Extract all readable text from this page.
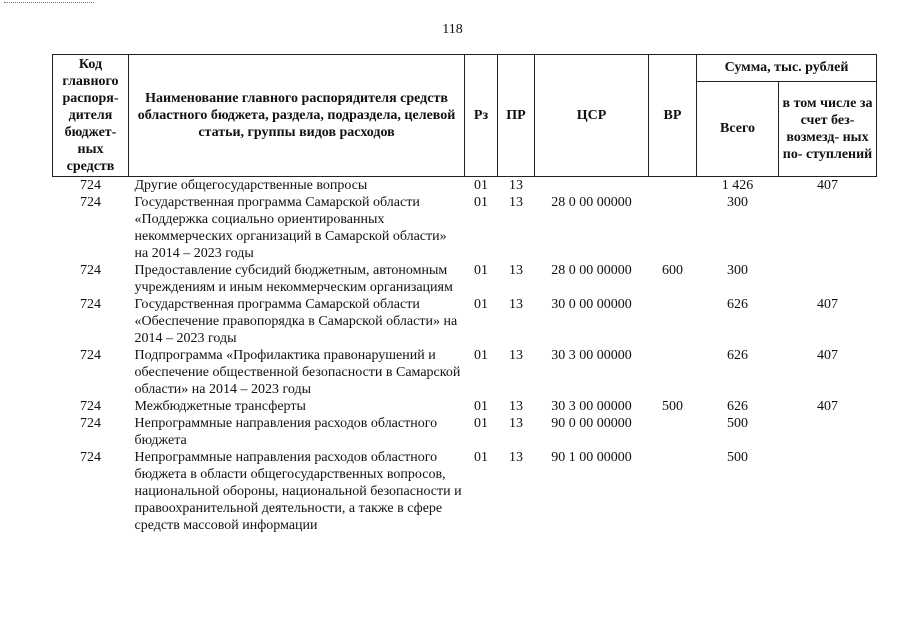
118
Код главного распоря- дителя бюджет- ных средств	Наименование главного распорядителя средств областного бюджета, раздела, подраздела, целевой статьи, группы видов расходов	Рз	ПР	ЦСР	ВР	Сумма, тыс. рублей	
						Всего	в том числе за счет без- возмезд- ных по- ступлений
724	Другие общегосударственные вопросы	01	13			1 426	407
724	Государственная программа Самарской области «Поддержка социально ориентированных некоммерческих организаций в Самарской области» на 2014 – 2023 годы	01	13	28 0 00 00000		300	
724	Предоставление субсидий бюджетным, автономным учреждениям и иным некоммерческим организациям	01	13	28 0 00 00000	600	300	
724	Государственная программа Самарской области «Обеспечение правопорядка в Самарской области» на 2014 – 2023 годы	01	13	30 0 00 00000		626	407
724	Подпрограмма «Профилактика правонарушений и обеспечение общественной безопасности в Самарской области» на 2014 – 2023 годы	01	13	30 3 00 00000		626	407
724	Межбюджетные трансферты	01	13	30 3 00 00000	500	626	407
724	Непрограммные направления расходов областного бюджета	01	13	90 0 00 00000		500	
724	Непрограммные направления расходов областного бюджета в области общегосударственных вопросов, национальной обороны, национальной безопасности и правоохранительной деятельности, а также в сфере средств массовой информации	01	13	90 1 00 00000		500	
